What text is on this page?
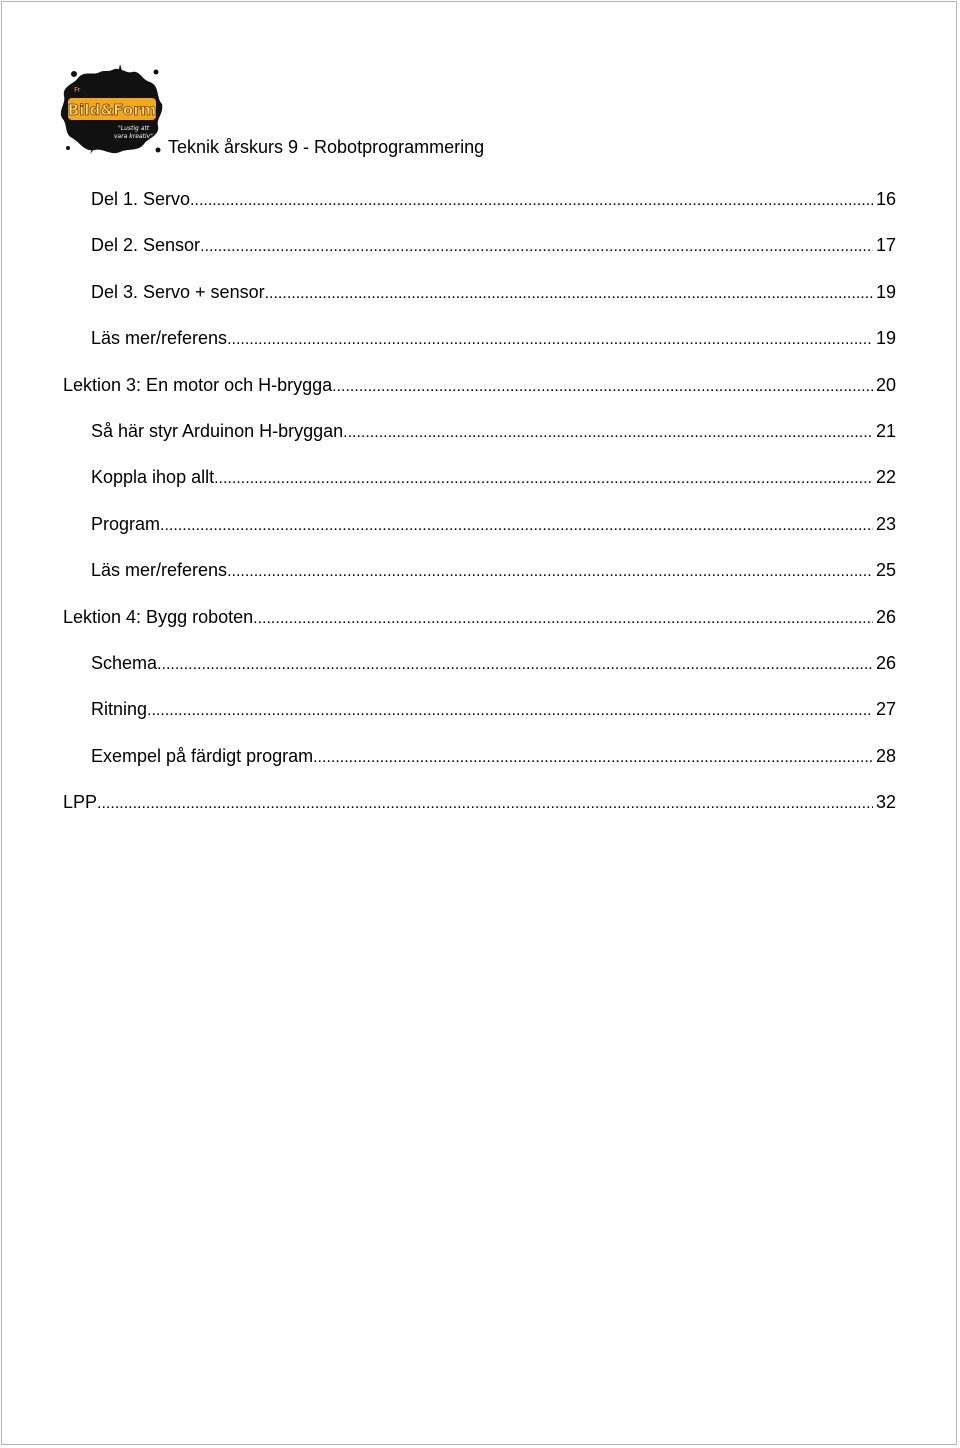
Bild&Form
Fr
"Lustig att
vara kreativ"
Teknik årskurs 9 - Robotprogrammering
Del 1. Servo .....	16
Del 2. Sensor .....	17
Del 3. Servo + sensor .....	19
Läs mer/referens .....	19
Lektion 3: En motor och H-brygga .....	20
Så här styr Arduinon H-bryggan .....	21
Koppla ihop allt .....	22
Program .....	23
Läs mer/referens .....	25
Lektion 4: Bygg roboten .....	26
Schema .....	26
Ritning .....	27
Exempel på färdigt program .....	28
LPP .....	32
